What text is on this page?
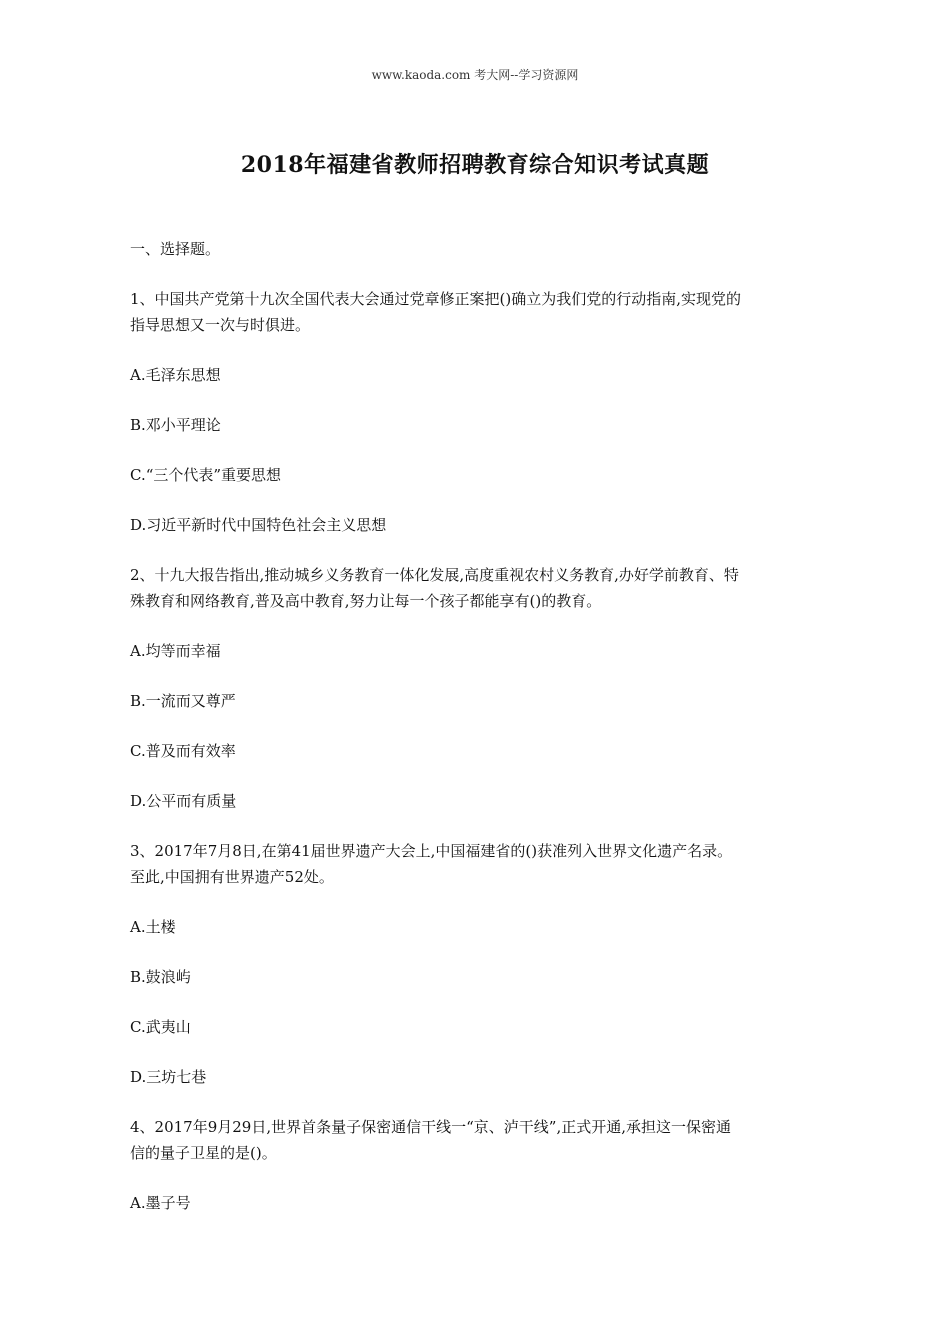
www.kaoda.com 考大网--学习资源网
2018年福建省教师招聘教育综合知识考试真题

一、选择题。

1、中国共产党第十九次全国代表大会通过党章修正案把()确立为我们党的行动指南,实现党的

指导思想又一次与时俱进。

A.毛泽东思想

B.邓小平理论

C.“三个代表”重要思想

D.习近平新时代中国特色社会主义思想

2、十九大报告指出,推动城乡义务教育一体化发展,高度重视农村义务教育,办好学前教育、特

殊教育和网络教育,普及高中教育,努力让每一个孩子都能享有()的教育。

A.均等而幸福

B.一流而又尊严

C.普及而有效率

D.公平而有质量

3、2017年7月8日,在第41届世界遗产大会上,中国福建省的()获准列入世界文化遗产名录。

至此,中国拥有世界遗产52处。

A.土楼

B.鼓浪屿

C.武夷山

D.三坊七巷

4、2017年9月29日,世界首条量子保密通信干线一“京、泸干线”,正式开通,承担这一保密通

信的量子卫星的是()。

A.墨子号
